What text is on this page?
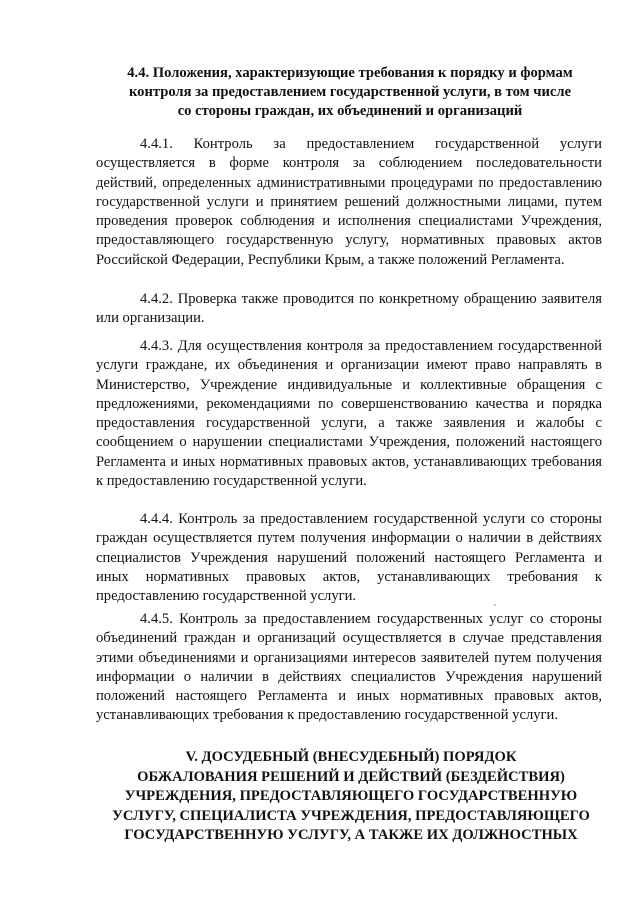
4.4. Положения, характеризующие требования к порядку и формам
контроля за предоставлением государственной услуги, в том числе
со стороны граждан, их объединений и организаций

4.4.1. Контроль за предоставлением государственной услуги осуществляется в форме контроля за соблюдением последовательности действий, определенных административными процедурами по предоставлению государственной услуги и принятием решений должностными лицами, путем проведения проверок соблюдения и исполнения специалистами Учреждения, предоставляющего государственную услугу, нормативных правовых актов Российской Федерации, Республики Крым, а также положений Регламента.

4.4.2. Проверка также проводится по конкретному обращению заявителя или организации.

4.4.3. Для осуществления контроля за предоставлением государственной услуги граждане, их объединения и организации имеют право направлять в Министерство, Учреждение индивидуальные и коллективные обращения с предложениями, рекомендациями по совершенствованию качества и порядка предоставления государственной услуги, а также заявления и жалобы с сообщением о нарушении специалистами Учреждения, положений настоящего Регламента и иных нормативных правовых актов, устанавливающих требования к предоставлению государственной услуги.

4.4.4. Контроль за предоставлением государственной услуги со стороны граждан осуществляется путем получения информации о наличии в действиях специалистов Учреждения нарушений положений настоящего Регламента и иных нормативных правовых актов, устанавливающих требования к предоставлению государственной услуги.

4.4.5. Контроль за предоставлением государственных услуг со стороны объединений граждан и организаций осуществляется в случае представления этими объединениями и организациями интересов заявителей путем получения информации о наличии в действиях специалистов Учреждения нарушений положений настоящего Регламента и иных нормативных правовых актов, устанавливающих требования к предоставлению государственной услуги.

V. ДОСУДЕБНЫЙ (ВНЕСУДЕБНЫЙ) ПОРЯДОК
ОБЖАЛОВАНИЯ РЕШЕНИЙ И ДЕЙСТВИЙ (БЕЗДЕЙСТВИЯ)
УЧРЕЖДЕНИЯ, ПРЕДОСТАВЛЯЮЩЕГО ГОСУДАРСТВЕННУЮ
УСЛУГУ, СПЕЦИАЛИСТА УЧРЕЖДЕНИЯ, ПРЕДОСТАВЛЯЮЩЕГО
ГОСУДАРСТВЕННУЮ УСЛУГУ, А ТАКЖЕ ИХ ДОЛЖНОСТНЫХ
